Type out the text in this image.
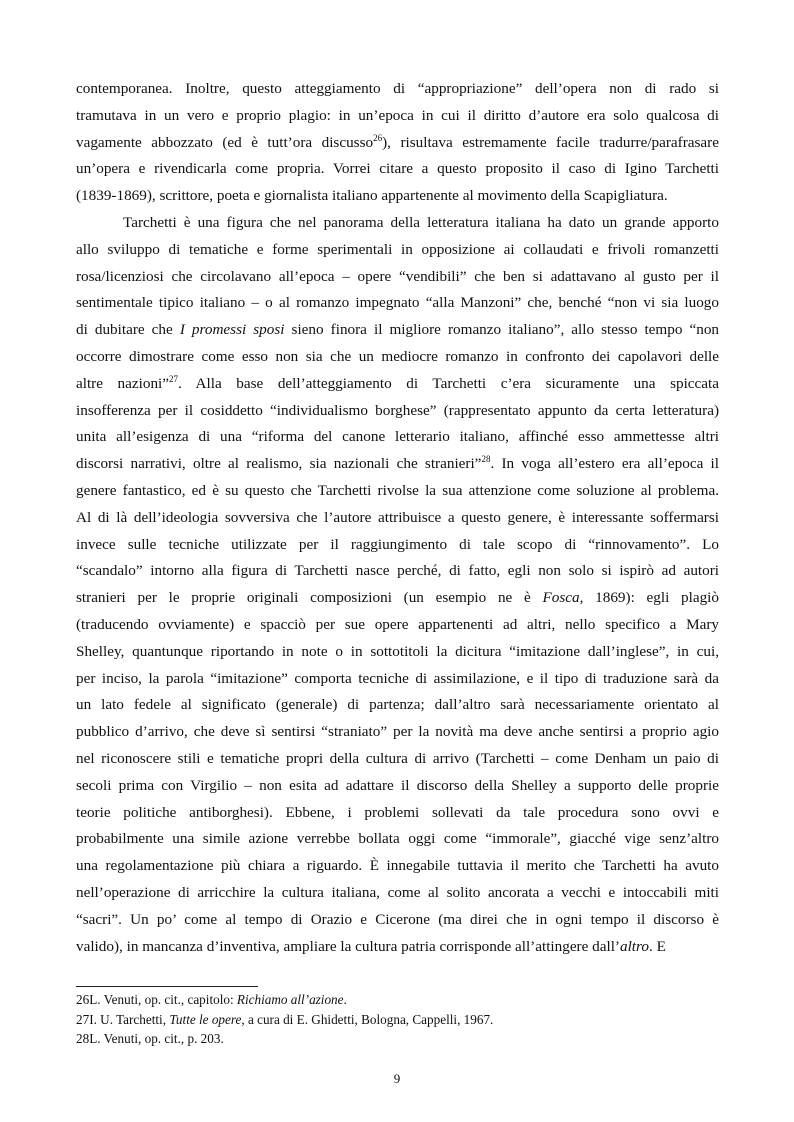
contemporanea. Inoltre, questo atteggiamento di “appropriazione” dell’opera non di rado si
tramutava in un vero e proprio plagio: in un’epoca in cui il diritto d’autore era solo qualcosa di
vagamente abbozzato (ed è tutt’ora discusso$^{26}$), risultava estremamente facile tradurre/parafrasare
un’opera e rivendicarla come propria. Vorrei citare a questo proposito il caso di Igino Tarchetti
(1839-1869), scrittore, poeta e giornalista italiano appartenente al movimento della Scapigliatura.
Tarchetti è una figura che nel panorama della letteratura italiana ha dato un grande apporto
allo sviluppo di tematiche e forme sperimentali in opposizione ai collaudati e frivoli romanzetti
rosa/licenziosi che circolavano all’epoca – opere “vendibili” che ben si adattavano al gusto per il
sentimentale tipico italiano – o al romanzo impegnato “alla Manzoni” che, benché “non vi sia luogo
di dubitare che I promessi sposi sieno finora il migliore romanzo italiano”, allo stesso tempo “non
occorre dimostrare come esso non sia che un mediocre romanzo in confronto dei capolavori delle
altre nazioni”$^{27}$. Alla base dell’atteggiamento di Tarchetti c’era sicuramente una spiccata
insofferenza per il cosiddetto “individualismo borghese” (rappresentato appunto da certa letteratura)
unita all’esigenza di una “riforma del canone letterario italiano, affinché esso ammettesse altri
discorsi narrativi, oltre al realismo, sia nazionali che stranieri”$^{28}$. In voga all’estero era all’epoca il
genere fantastico, ed è su questo che Tarchetti rivolse la sua attenzione come soluzione al problema.
Al di là dell’ideologia sovversiva che l’autore attribuisce a questo genere, è interessante soffermarsi
invece sulle tecniche utilizzate per il raggiungimento di tale scopo di “rinnovamento”. Lo
“scandalo” intorno alla figura di Tarchetti nasce perché, di fatto, egli non solo si ispirò ad autori
stranieri per le proprie originali composizioni (un esempio ne è Fosca, 1869): egli plagiò
(traducendo ovviamente) e spacciò per sue opere appartenenti ad altri, nello specifico a Mary
Shelley, quantunque riportando in note o in sottotitoli la dicitura “imitazione dall’inglese”, in cui,
per inciso, la parola “imitazione” comporta tecniche di assimilazione, e il tipo di traduzione sarà da
un lato fedele al significato (generale) di partenza; dall’altro sarà necessariamente orientato al
pubblico d’arrivo, che deve sì sentirsi “straniato” per la novità ma deve anche sentirsi a proprio agio
nel riconoscere stili e tematiche propri della cultura di arrivo (Tarchetti – come Denham un paio di
secoli prima con Virgilio – non esita ad adattare il discorso della Shelley a supporto delle proprie
teorie politiche antiborghesi). Ebbene, i problemi sollevati da tale procedura sono ovvi e
probabilmente una simile azione verrebbe bollata oggi come “immorale”, giacché vige senz’altro
una regolamentazione più chiara a riguardo. È innegabile tuttavia il merito che Tarchetti ha avuto
nell’operazione di arricchire la cultura italiana, come al solito ancorata a vecchi e intoccabili miti
“sacri”. Un po’ come al tempo di Orazio e Cicerone (ma direi che in ogni tempo il discorso è
valido), in mancanza d’inventiva, ampliare la cultura patria corrisponde all’attingere dall’altro. E
26L. Venuti, op. cit., capitolo: Richiamo all’azione.
27I. U. Tarchetti, Tutte le opere, a cura di E. Ghidetti, Bologna, Cappelli, 1967.
28L. Venuti, op. cit., p. 203.
9
